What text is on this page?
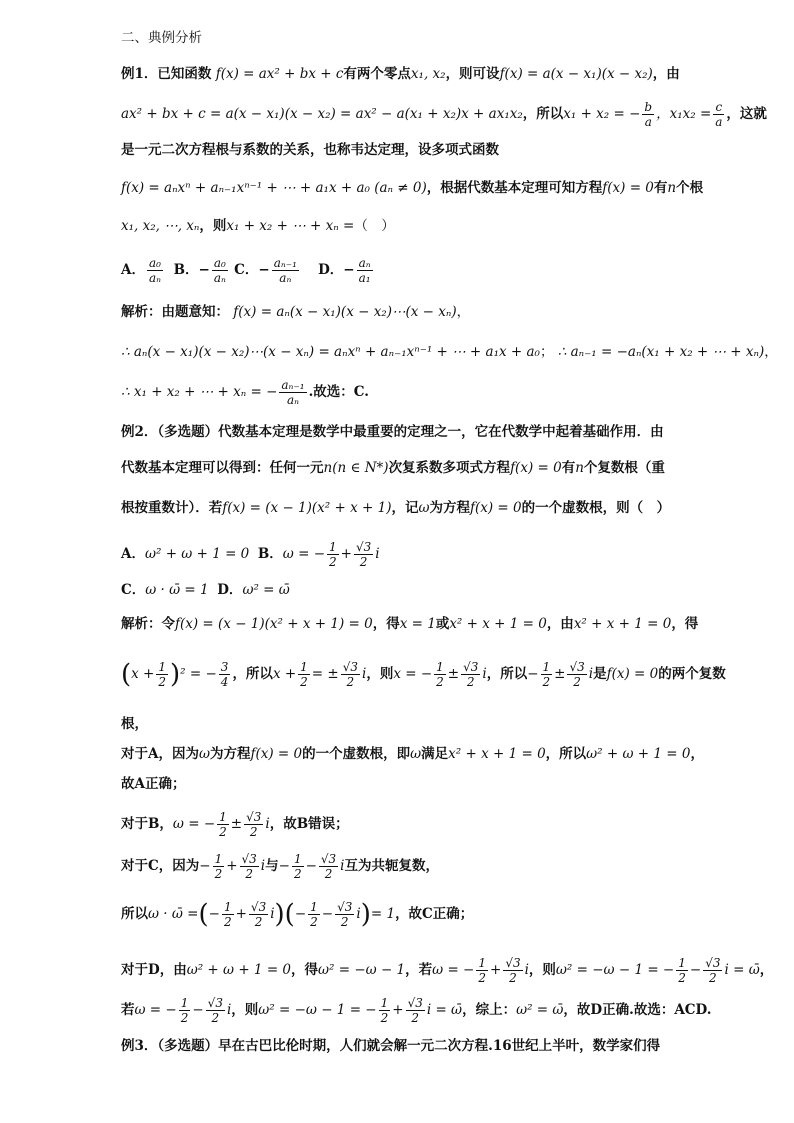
二、典例分析
例1．已知函数 f(x) = ax² + bx + c有两个零点x₁, x₂，则可设f(x) = a(x − x₁)(x − x₂)，由
ax² + bx + c = a(x − x₁)(x − x₂) = ax² − a(x₁ + x₂)x + ax₁x₂，所以x₁ + x₂ = − $\frac{b}{a}$ ，$x_1x_2 = \frac{c}{a}$ ，这就
是一元二次方程根与系数的关系，也称韦达定理，设多项式函数
f(x) = aₙxⁿ + aₙ₋₁xⁿ⁻¹ + ⋯ + a₁x + a₀ (aₙ ≠ 0)，根据代数基本定理可知方程f(x) = 0有n个根
x₁, x₂, ⋯, xₙ，则x₁ + x₂ + ⋯ + xₙ =（　）
A． $\frac{\text{a₀}}{\text{aₙ}}$ B．− $\frac{\text{a₀}}{\text{aₙ}}$ C．− $\frac{\text{aₙ₋₁}}{\text{aₙ}}$ D．− $\frac{\text{aₙ}}{\text{a₁}}$
解析：由题意知： f(x) = aₙ(x − x₁)(x − x₂)⋯(x − xₙ)，
∴ aₙ(x − x₁)(x − x₂)⋯(x − xₙ) = aₙxⁿ + aₙ₋₁xⁿ⁻¹ + ⋯ + a₁x + a₀； ∴ aₙ₋₁ = −aₙ(x₁ + x₂ + ⋯ + xₙ)，
∴ x₁ + x₂ + ⋯ + xₙ = − $\frac{\text{aₙ₋₁}}{\text{aₙ}}$ .故选：C.
例2．（多选题）代数基本定理是数学中最重要的定理之一，它在代数学中起着基础作用．由
代数基本定理可以得到：任何一元n(n ∈ N*)次复系数多项式方程f(x) = 0有n个复数根（重
根按重数计）．若f(x) = (x − 1)(x² + x + 1)，记ω为方程f(x) = 0的一个虚数根，则（　）
A．ω² + ω + 1 = 0 B．ω = − $\frac{1}{2} + \frac{√3}{2}$ i
C．ω · ω̄ = 1 D．ω² = ω̄
解析：令f(x) = (x − 1)(x² + x + 1) = 0，得x = 1或x² + x + 1 = 0，由x² + x + 1 = 0，得
$(x + \frac{1}{2} )^2$ = − $\frac{3}{4}$ ，所以$x + \frac{1}{2}$ = ± $\frac{√3}{2}$ i，则x = − $\frac{1}{2} \pm \frac{√3}{2}$ i，所以− $\frac{1}{2} \pm \frac{√3}{2}$ i是f(x) = 0的两个复数
根，
对于A，因为ω为方程f(x) = 0的一个虚数根，即ω满足x² + x + 1 = 0，所以ω² + ω + 1 = 0，
故A正确；
对于B，ω = − $\frac{1}{2} \pm \frac{√3}{2}$ i，故B错误；
对于C，因为− $\frac{1}{2} + \frac{√3}{2}$ i与− $\frac{1}{2} - \frac{√3}{2}$ i互为共轭复数，
所以ω · ω̄ =(− $\frac{1}{2} + \frac{√3}{2} i)(- \frac{1}{2} - \frac{√3}{2} i)= 1$，故C正确；
对于D，由ω² + ω + 1 = 0，得ω² = −ω − 1，若ω = − $\frac{1}{2} + \frac{√3}{2}$ i，则ω² = −ω − 1 = − $\frac{1}{2} - \frac{√3}{2}$ i = ω̄，
若ω = − $\frac{1}{2} - \frac{√3}{2}$ i，则ω² = −ω − 1 = − $\frac{1}{2} + \frac{√3}{2}$ i = ω̄，综上：ω² = ω̄，故D正确.故选：ACD.
例3．（多选题）早在古巴比伦时期，人们就会解一元二次方程.16世纪上半叶，数学家们得
